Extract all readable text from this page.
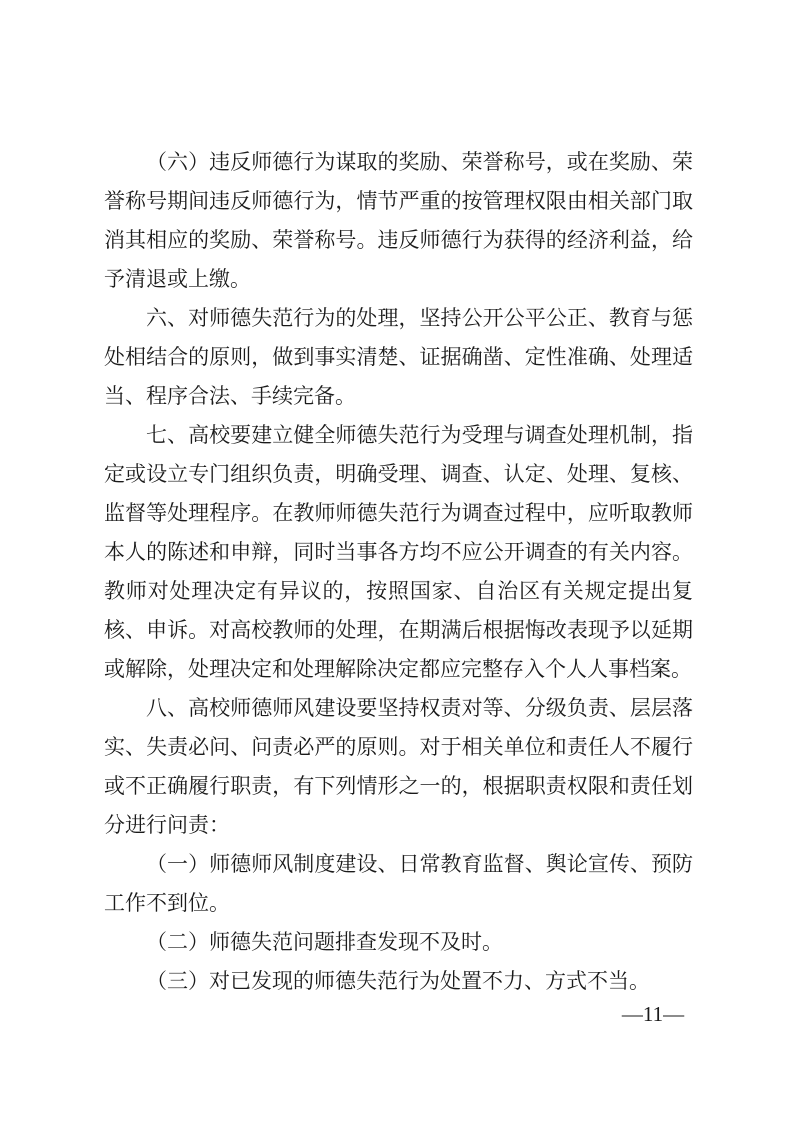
（六）违反师德行为谋取的奖励、荣誉称号，或在奖励、荣誉称号期间违反师德行为，情节严重的按管理权限由相关部门取消其相应的奖励、荣誉称号。违反师德行为获得的经济利益，给予清退或上缴。

六、对师德失范行为的处理，坚持公开公平公正、教育与惩处相结合的原则，做到事实清楚、证据确凿、定性准确、处理适当、程序合法、手续完备。

七、高校要建立健全师德失范行为受理与调查处理机制，指定或设立专门组织负责，明确受理、调查、认定、处理、复核、监督等处理程序。在教师师德失范行为调查过程中，应听取教师本人的陈述和申辩，同时当事各方均不应公开调查的有关内容。教师对处理决定有异议的，按照国家、自治区有关规定提出复核、申诉。对高校教师的处理，在期满后根据悔改表现予以延期或解除，处理决定和处理解除决定都应完整存入个人人事档案。

八、高校师德师风建设要坚持权责对等、分级负责、层层落实、失责必问、问责必严的原则。对于相关单位和责任人不履行或不正确履行职责，有下列情形之一的，根据职责权限和责任划分进行问责：

（一）师德师风制度建设、日常教育监督、舆论宣传、预防工作不到位。

（二）师德失范问题排查发现不及时。

（三）对已发现的师德失范行为处置不力、方式不当。

—11—
